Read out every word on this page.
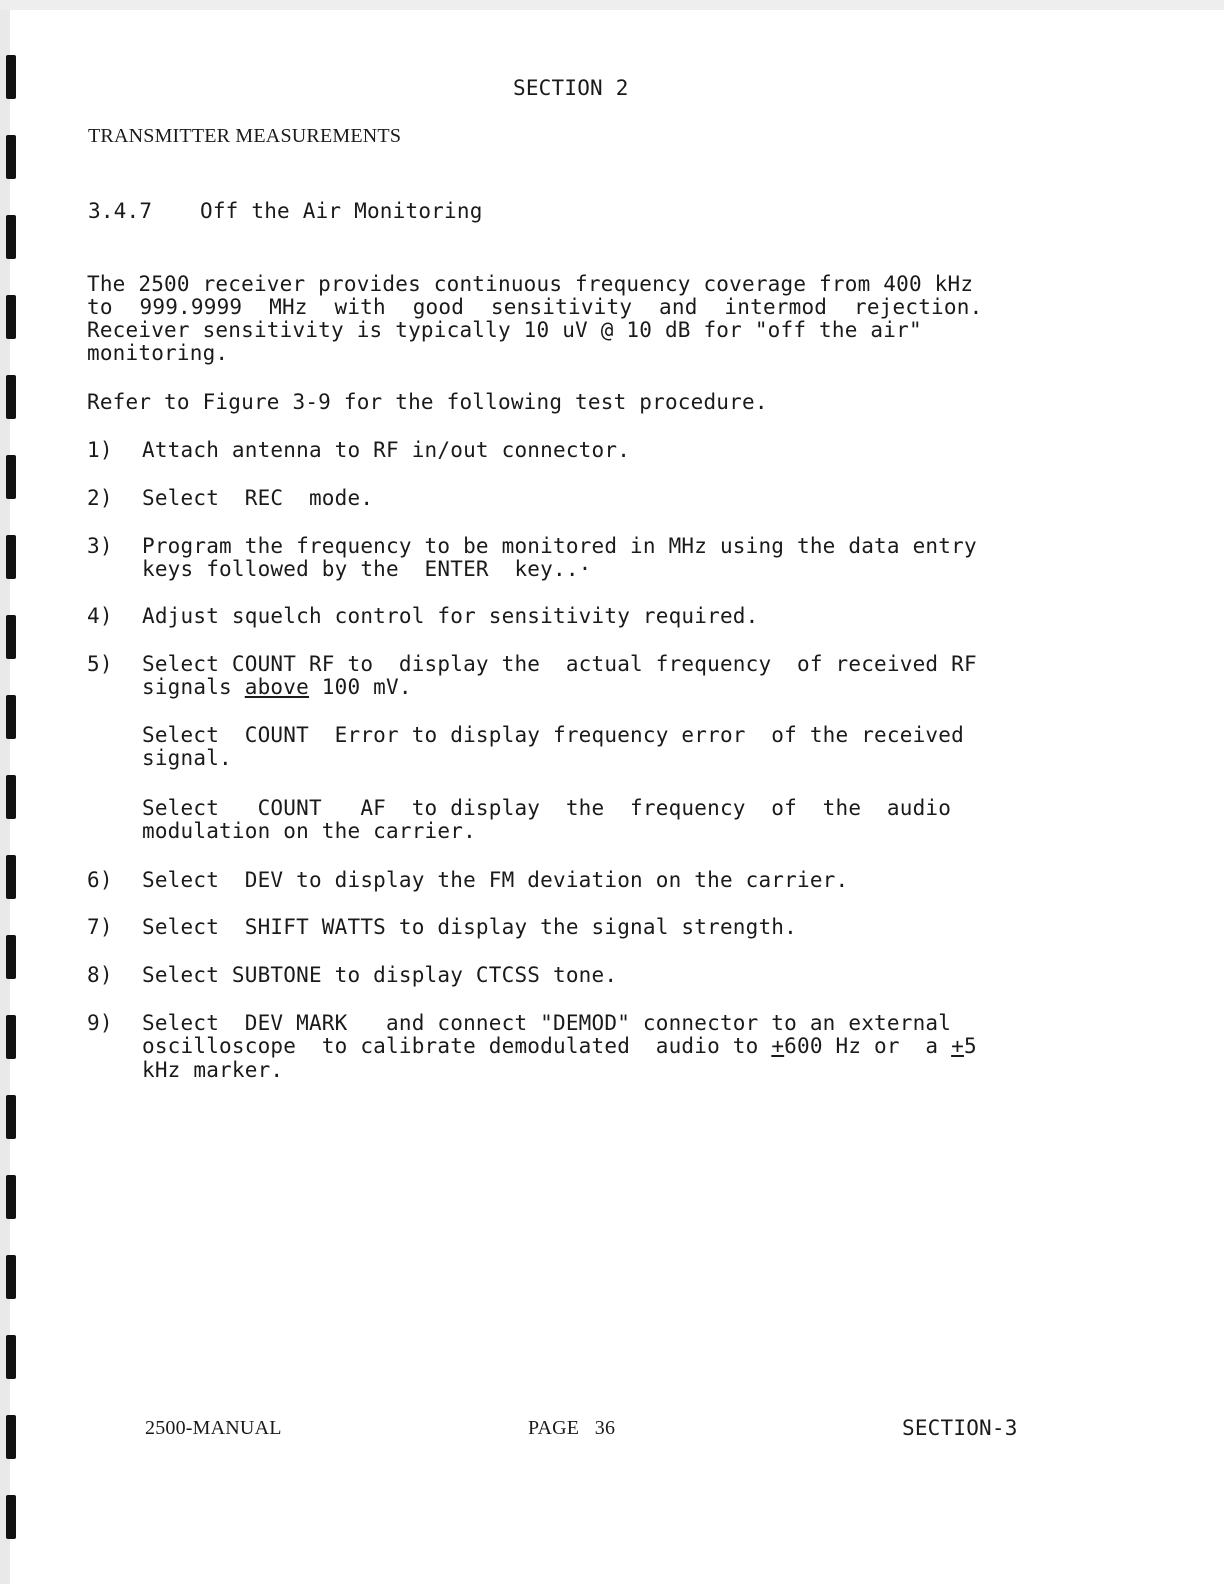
SECTION 2
TRANSMITTER MEASUREMENTS
3.4.7 Off the Air Monitoring
The 2500 receiver provides continuous frequency coverage from 400 kHz
to 999.9999 MHz with good sensitivity and intermod rejection.
Receiver sensitivity is typically 10 uV @ 10 dB for "off the air"
monitoring.
Refer to Figure 3-9 for the following test procedure.
1) Attach antenna to RF in/out connector.
2) Select  REC  mode.
3) Program the frequency to be monitored in MHz using the data entry
keys followed by the  ENTER  key..·
4) Adjust squelch control for sensitivity required.
5) Select COUNT RF to  display the  actual frequency  of received RF
signals above 100 mV.
Select  COUNT  Error to display frequency error  of the received
signal.
Select   COUNT   AF  to display  the  frequency  of  the  audio
modulation on the carrier.
6) Select  DEV to display the FM deviation on the carrier.
7) Select  SHIFT WATTS to display the signal strength.
8) Select SUBTONE to display CTCSS tone.
9) Select  DEV MARK   and connect "DEMOD" connector to an external
oscilloscope  to calibrate demodulated  audio to +600 Hz or  a +5
kHz marker.
2500-MANUAL	PAGE   36	SECTION-3
